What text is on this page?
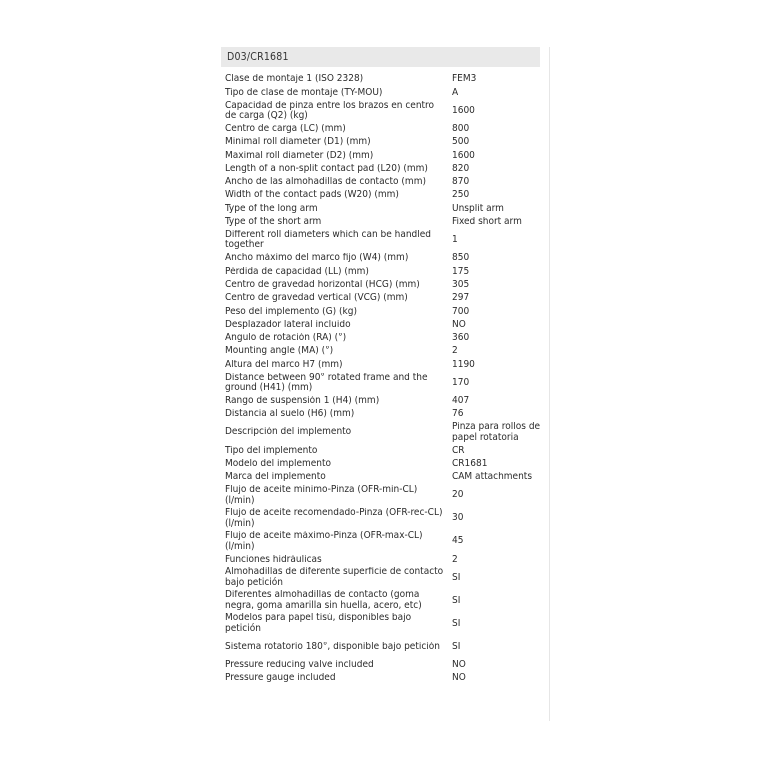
D03/CR1681
Clase de montaje 1 (ISO 2328)	FEM3
Tipo de clase de montaje (TY-MOU)	A
Capacidad de pinza entre los brazos en centro de carga (Q2) (kg)	1600
Centro de carga (LC) (mm)	800
Minimal roll diameter (D1) (mm)	500
Maximal roll diameter (D2) (mm)	1600
Length of a non-split contact pad (L20) (mm)	820
Ancho de las almohadillas de contacto (mm)	870
Width of the contact pads (W20) (mm)	250
Type of the long arm	Unsplit arm
Type of the short arm	Fixed short arm
Different roll diameters which can be handled together	1
Ancho máximo del marco fijo (W4) (mm)	850
Pérdida de capacidad (LL) (mm)	175
Centro de gravedad horizontal (HCG) (mm)	305
Centro de gravedad vertical (VCG) (mm)	297
Peso del implemento (G) (kg)	700
Desplazador lateral incluido	NO
Ángulo de rotación (RA) (°)	360
Mounting angle (MA) (°)	2
Altura del marco H7 (mm)	1190
Distance between 90° rotated frame and the ground (H41) (mm)	170
Rango de suspensión 1 (H4) (mm)	407
Distancia al suelo (H6) (mm)	76
Descripción del implemento	Pinza para rollos de papel rotatoria
Tipo del implemento	CR
Modelo del implemento	CR1681
Marca del implemento	CAM attachments
Flujo de aceite mínimo-Pinza (OFR-min-CL) (l/min)	20
Flujo de aceite recomendado-Pinza (OFR-rec-CL) (l/min)	30
Flujo de aceite máximo-Pinza (OFR-max-CL) (l/min)	45
Funciones hidráulicas	2
Almohadillas de diferente superficie de contacto bajo petición	SI
Diferentes almohadillas de contacto (goma negra, goma amarilla sin huella, acero, etc)	SI
Modelos para papel tisú, disponibles bajo petición	SI
Sistema rotatorio 180°, disponible bajo petición	SI
Pressure reducing valve included	NO
Pressure gauge included	NO
